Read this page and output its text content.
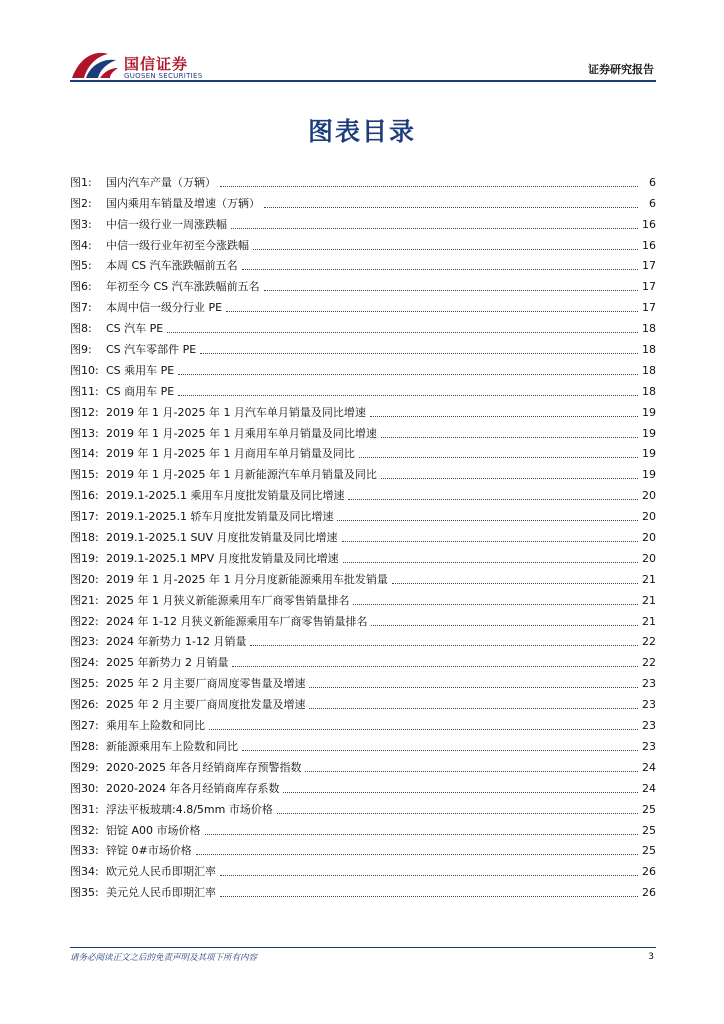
国信证券
GUOSEN SECURITIES	证券研究报告
图表目录
图1:	国内汽车产量（万辆）	6
图2:	国内乘用车销量及增速（万辆）	6
图3:	中信一级行业一周涨跌幅	16
图4:	中信一级行业年初至今涨跌幅	16
图5:	本周 CS 汽车涨跌幅前五名	17
图6:	年初至今 CS 汽车涨跌幅前五名	17
图7:	本周中信一级分行业 PE	17
图8:	CS 汽车 PE	18
图9:	CS 汽车零部件 PE	18
图10: CS 乘用车 PE	18
图11: CS 商用车 PE	18
图12: 2019 年 1 月-2025 年 1 月汽车单月销量及同比增速	19
图13: 2019 年 1 月-2025 年 1 月乘用车单月销量及同比增速	19
图14: 2019 年 1 月-2025 年 1 月商用车单月销量及同比	19
图15: 2019 年 1 月-2025 年 1 月新能源汽车单月销量及同比	19
图16: 2019.1-2025.1 乘用车月度批发销量及同比增速	20
图17: 2019.1-2025.1 轿车月度批发销量及同比增速	20
图18: 2019.1-2025.1 SUV 月度批发销量及同比增速	20
图19: 2019.1-2025.1 MPV 月度批发销量及同比增速	20
图20: 2019 年 1 月-2025 年 1 月分月度新能源乘用车批发销量	21
图21: 2025 年 1 月狭义新能源乘用车厂商零售销量排名	21
图22: 2024 年 1-12 月狭义新能源乘用车厂商零售销量排名	21
图23: 2024 年新势力 1-12 月销量	22
图24: 2025 年新势力 2 月销量	22
图25: 2025 年 2 月主要厂商周度零售量及增速	23
图26: 2025 年 2 月主要厂商周度批发量及增速	23
图27: 乘用车上险数和同比	23
图28: 新能源乘用车上险数和同比	23
图29: 2020-2025 年各月经销商库存预警指数	24
图30: 2020-2024 年各月经销商库存系数	24
图31: 浮法平板玻璃:4.8/5mm 市场价格	25
图32: 铝锭 A00 市场价格	25
图33: 锌锭 0#市场价格	25
图34: 欧元兑人民币即期汇率	26
图35: 美元兑人民币即期汇率	26
请务必阅读正文之后的免责声明及其项下所有内容	3
